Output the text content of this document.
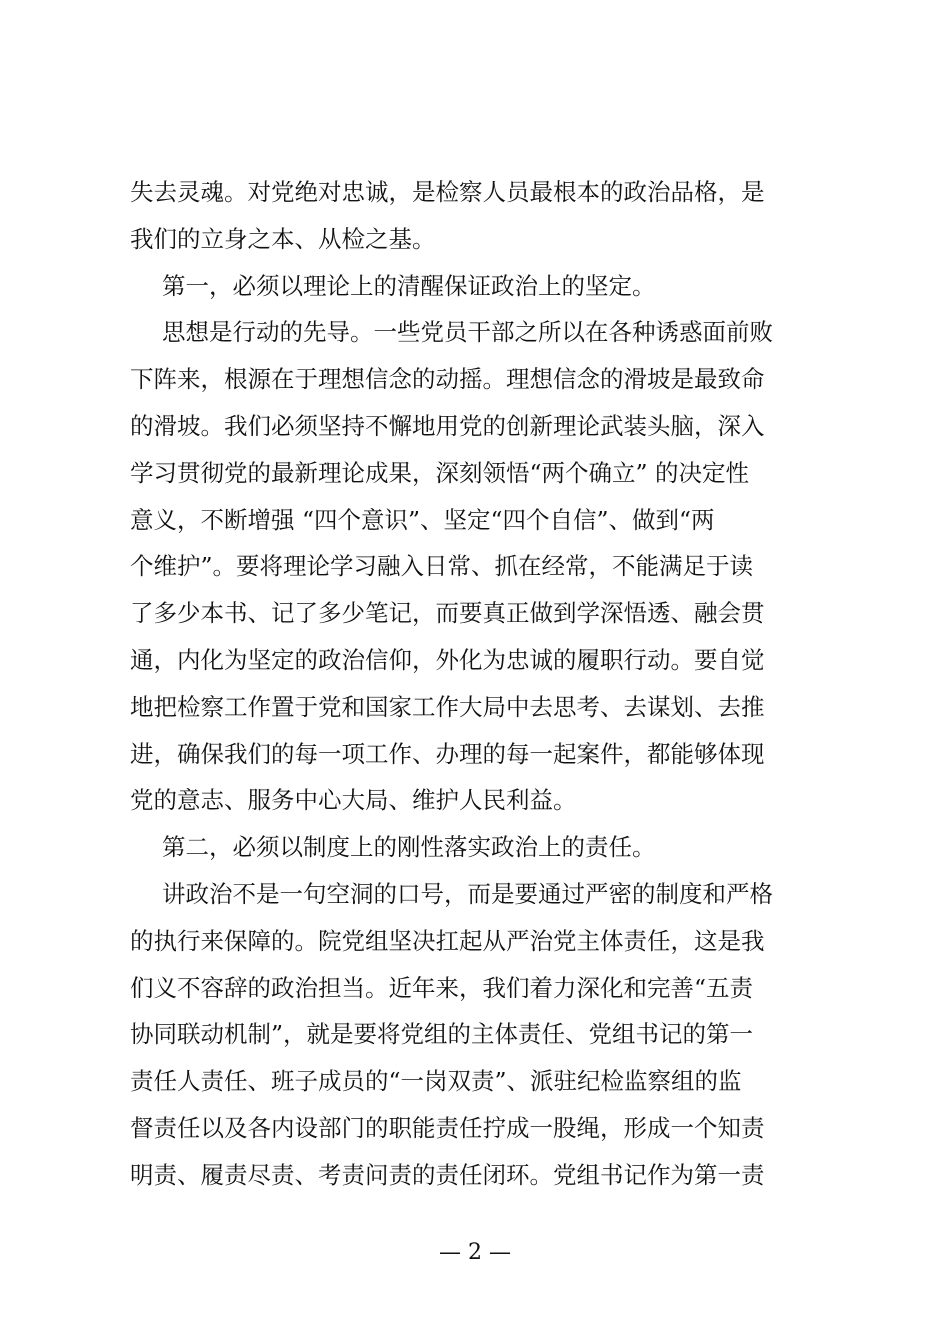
失去灵魂。对党绝对忠诚，是检察人员最根本的政治品格，是
我们的立身之本、从检之基。
第一，必须以理论上的清醒保证政治上的坚定。
思想是行动的先导。一些党员干部之所以在各种诱惑面前败
下阵来，根源在于理想信念的动摇。理想信念的滑坡是最致命
的滑坡。我们必须坚持不懈地用党的创新理论武装头脑，深入
学习贯彻党的最新理论成果，深刻领悟“两个确立” 的决定性
意义，不断增强 “四个意识”、坚定“四个自信”、做到“两
个维护”。要将理论学习融入日常、抓在经常，不能满足于读
了多少本书、记了多少笔记，而要真正做到学深悟透、融会贯
通，内化为坚定的政治信仰，外化为忠诚的履职行动。要自觉
地把检察工作置于党和国家工作大局中去思考、去谋划、去推
进，确保我们的每一项工作、办理的每一起案件，都能够体现
党的意志、服务中心大局、维护人民利益。
第二，必须以制度上的刚性落实政治上的责任。
讲政治不是一句空洞的口号，而是要通过严密的制度和严格
的执行来保障的。院党组坚决扛起从严治党主体责任，这是我
们义不容辞的政治担当。近年来，我们着力深化和完善“五责
协同联动机制”，就是要将党组的主体责任、党组书记的第一
责任人责任、班子成员的“一岗双责”、派驻纪检监察组的监
督责任以及各内设部门的职能责任拧成一股绳，形成一个知责
明责、履责尽责、考责问责的责任闭环。党组书记作为第一责
— 2 —
